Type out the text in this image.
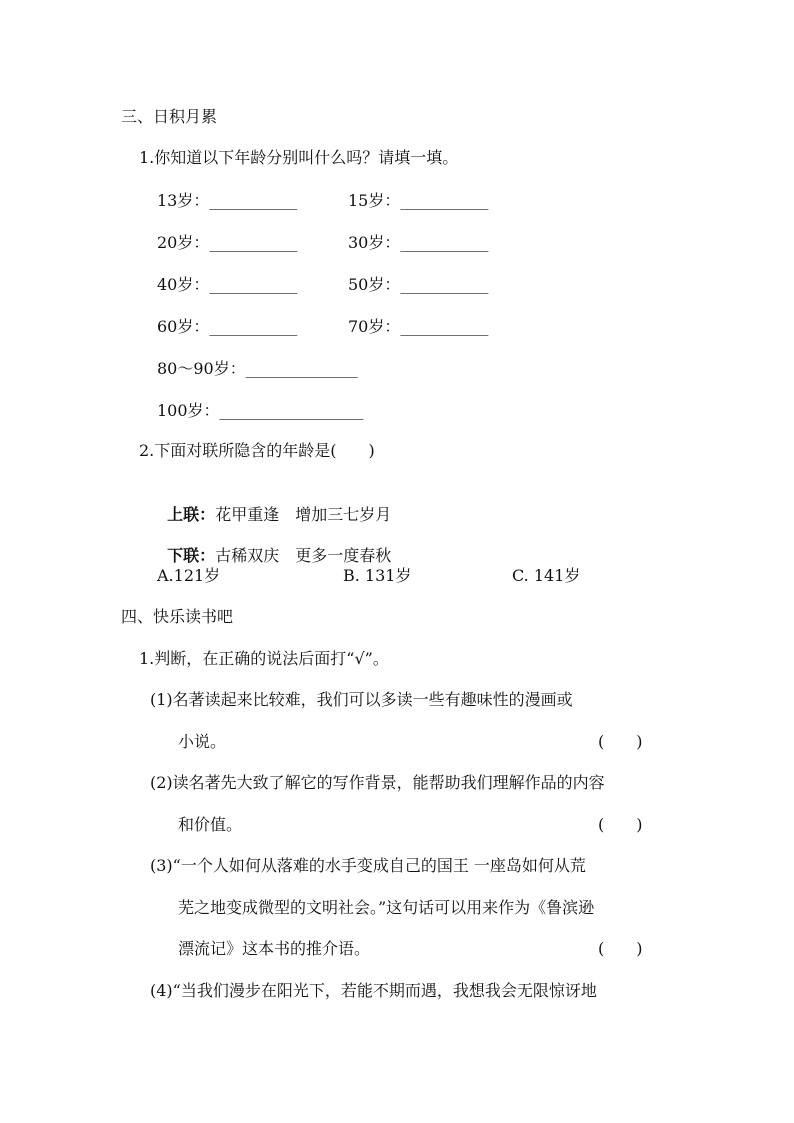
三、日积月累
1.你知道以下年龄分别叫什么吗？请填一填。
13岁：___________	15岁：___________
20岁：___________	30岁：___________
40岁：___________	50岁：___________
60岁：___________	70岁：___________
80～90岁：______________
100岁：__________________
2.下面对联所隐含的年龄是(　　)

上联：花甲重逢　增加三七岁月

下联：古稀双庆　更多一度春秋

A.121岁	B. 131岁	C. 141岁
四、快乐读书吧
1.判断，在正确的说法后面打“√”。
(1)名著读起来比较难，我们可以多读一些有趣味性的漫画或
小说。	(　　)
(2)读名著先大致了解它的写作背景，能帮助我们理解作品的内容
和价值。	(　　)
(3)“一个人如何从落难的水手变成自己的国王 一座岛如何从荒
芜之地变成微型的文明社会。”这句话可以用来作为《鲁滨逊
漂流记》这本书的推介语。	(　　)
(4)“当我们漫步在阳光下，若能不期而遇，我想我会无限惊讶地
